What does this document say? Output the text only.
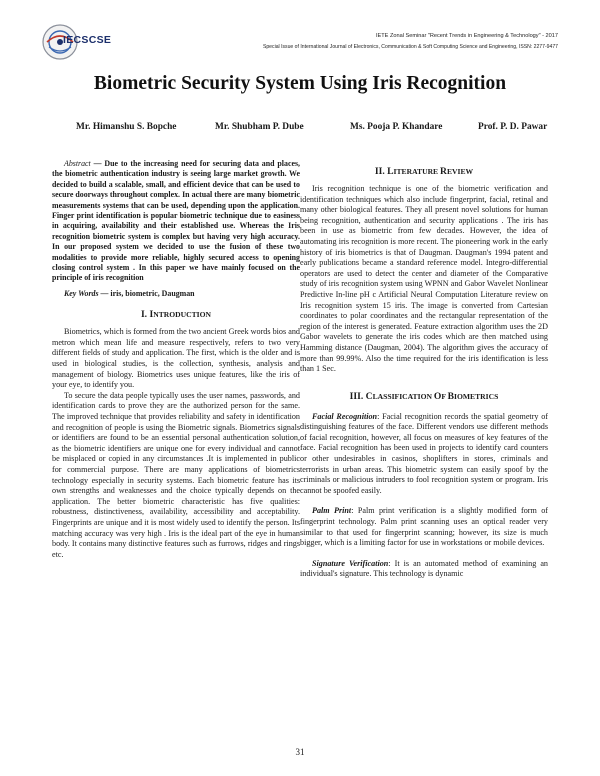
IECSCSE	IETE Zonal Seminar "Recent Trends in Engineering & Technology" - 2017
Special Issue of International Journal of Electronics, Communication & Soft Computing Science and Engineering, ISSN: 2277-9477
Biometric Security System Using Iris Recognition
Mr. Himanshu S. Bopche	Mr. Shubham P. Dube	Ms. Pooja P. Khandare	Prof. P. D. Pawar

Abstract — Due to the increasing need for securing data and places, the biometric authentication industry is seeing large market growth. We decided to build a scalable, small, and efficient device that can be used to secure doorways throughout complex. In actual there are many biometric measurements systems that can be used, depending upon the application. Finger print identification is popular biometric technique due to easiness in acquiring, availability and their established use. Whereas the Iris recognition biometric system is complex but having very high accuracy. In our proposed system we decided to use the fusion of these two modalities to provide more reliable, highly secured access to opening closing control system . In this paper we have mainly focused on the principle of iris recognition

Key Words — iris, biometric, Daugman

I. INTRODUCTION

Biometrics, which is formed from the two ancient Greek words bios and metron which mean life and measure respectively, refers to two very different fields of study and application. The first, which is the older and is used in biological studies, is the collection, synthesis, analysis and management of biology. Biometrics uses unique features, like the iris of your eye, to identify you.

To secure the data people typically uses the user names, passwords, and identification cards to prove they are the authorized person for the same. The improved technique that provides reliability and safety in identification and recognition of people is using the Biometric signals. Biometrics signals or identifiers are found to be an essential personal authentication solution, as the biometric identifiers are unique one for every individual and cannot be misplaced or copied in any circumstances .It is implemented in public for commercial purpose. There are many applications of biometrics technology especially in security systems. Each biometric feature has its own strengths and weaknesses and the choice typically depends on the application. The better biometric characteristic has five qualities: robustness, distinctiveness, availability, accessibility and acceptability. Fingerprints are unique and it is most widely used to identify the person. Its matching accuracy was very high . Iris is the ideal part of the eye in human body. It contains many distinctive features such as furrows, ridges and rings etc.

II. LITERATURE REVIEW

Iris recognition technique is one of the biometric verification and identification techniques which also include fingerprint, facial, retinal and many other biological features. They all present novel solutions for human being recognition, authentication and security applications . The iris has been in use as biometric from few decades. However, the idea of automating iris recognition is more recent. The pioneering work in the early history of iris biometrics is that of Daugman. Daugman's 1994 patent and early publications became a standard reference model. Integro-differential operators are used to detect the center and diameter of the Comparative study of iris recognition system using WPNN and Gabor Wavelet Nonlinear Predictive In-line pH c Artificial Neural Computation Literature review on Iris recognition system 15 iris. The image is converted from Cartesian coordinates to polar coordinates and the rectangular representation of the region of the interest is generated. Feature extraction algorithm uses the 2D Gabor wavelets to generate the iris codes which are then matched using Hamming distance (Daugman, 2004). The algorithm gives the accuracy of more than 99.99%. Also the time required for the iris identification is less than 1 Sec.

III. CLASSIFICATION OF BIOMETRICS

Facial Recognition: Facial recognition records the spatial geometry of distinguishing features of the face. Different vendors use different methods of facial recognition, however, all focus on measures of key features of the face. Facial recognition has been used in projects to identify card counters or other undesirables in casinos, shoplifters in stores, criminals and terrorists in urban areas. This biometric system can easily spoof by the criminals or malicious intruders to fool recognition system or program. Iris cannot be spoofed easily.

Palm Print: Palm print verification is a slightly modified form of fingerprint technology. Palm print scanning uses an optical reader very similar to that used for fingerprint scanning; however, its size is much bigger, which is a limiting factor for use in workstations or mobile devices.

Signature Verification: It is an automated method of examining an individual's signature. This technology is dynamic

31
